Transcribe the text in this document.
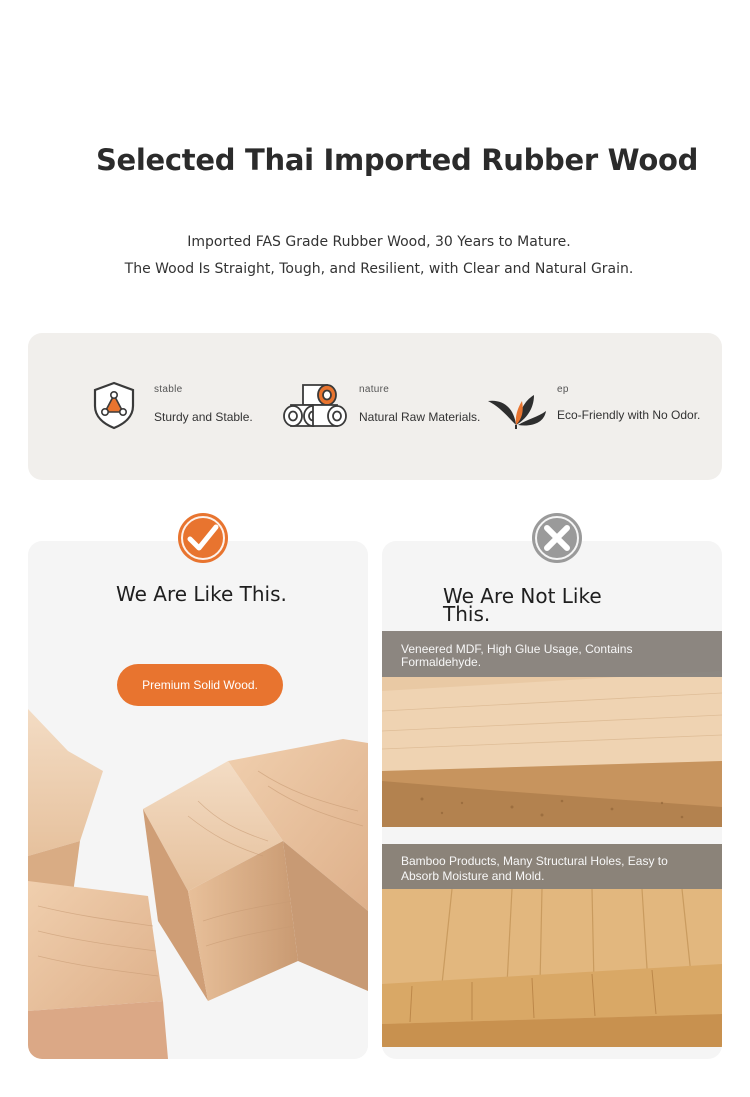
Selected Thai Imported Rubber Wood
Imported FAS Grade Rubber Wood, 30 Years to Mature.
The Wood Is Straight, Tough, and Resilient, with Clear and Natural Grain.
stable
Sturdy and Stable.
nature
Natural Raw Materials.
ep
Eco-Friendly with No Odor.
We Are Like This.
Premium Solid Wood.
We Are Not Like This.
Veneered MDF, High Glue Usage, Contains Formaldehyde.
Bamboo Products, Many Structural Holes, Easy to Absorb Moisture and Mold.
